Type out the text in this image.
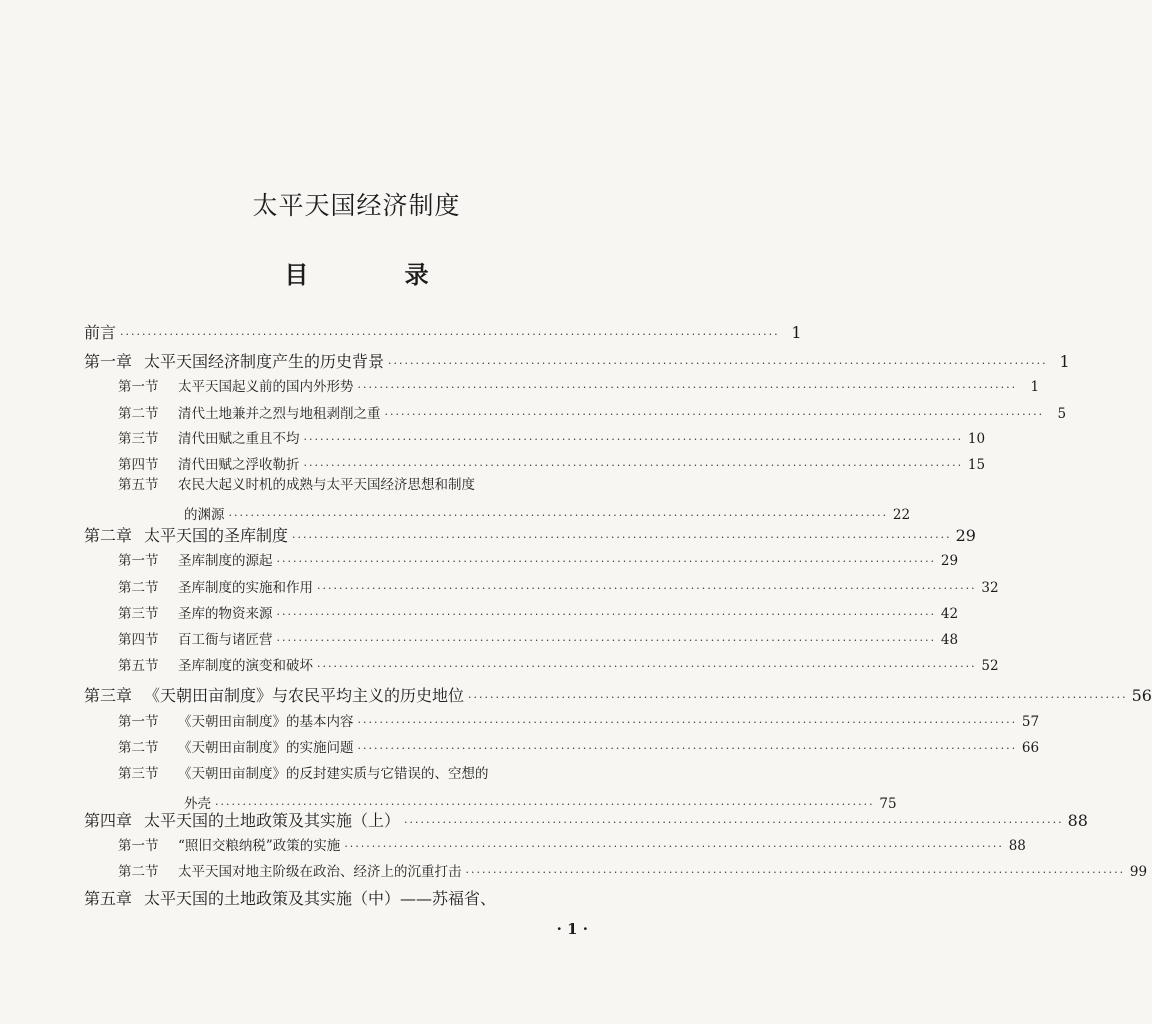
太平天国经济制度
目 录
前言 ························································································································ 1
第一章 太平天国经济制度产生的历史背景 ························································································································ 1
第一节	太平天国起义前的国内外形势 ························································································································ 1
第二节	清代土地兼并之烈与地租剥削之重 ························································································································ 5
第三节	清代田赋之重且不均 ························································································································ 10
第四节	清代田赋之浮收勒折 ························································································································ 15
第五节	农民大起义时机的成熟与太平天国经济思想和制度
的渊源 ························································································································ 22
第二章 太平天国的圣库制度 ························································································································ 29
第一节	圣库制度的源起 ························································································································ 29
第二节	圣库制度的实施和作用 ························································································································ 32
第三节	圣库的物资来源 ························································································································ 42
第四节	百工衙与诸匠营 ························································································································ 48
第五节	圣库制度的演变和破坏 ························································································································ 52
第三章 《天朝田亩制度》与农民平均主义的历史地位 ························································································································ 56
第一节	《天朝田亩制度》的基本内容 ························································································································ 57
第二节	《天朝田亩制度》的实施问题 ························································································································ 66
第三节	《天朝田亩制度》的反封建实质与它错误的、空想的
外壳 ························································································································ 75
第四章 太平天国的土地政策及其实施（上） ························································································································ 88
第一节	“照旧交粮纳税”政策的实施 ························································································································ 88
第二节	太平天国对地主阶级在政治、经济上的沉重打击 ························································································································ 99
第五章 太平天国的土地政策及其实施（中）——苏福省、
· 1 ·
